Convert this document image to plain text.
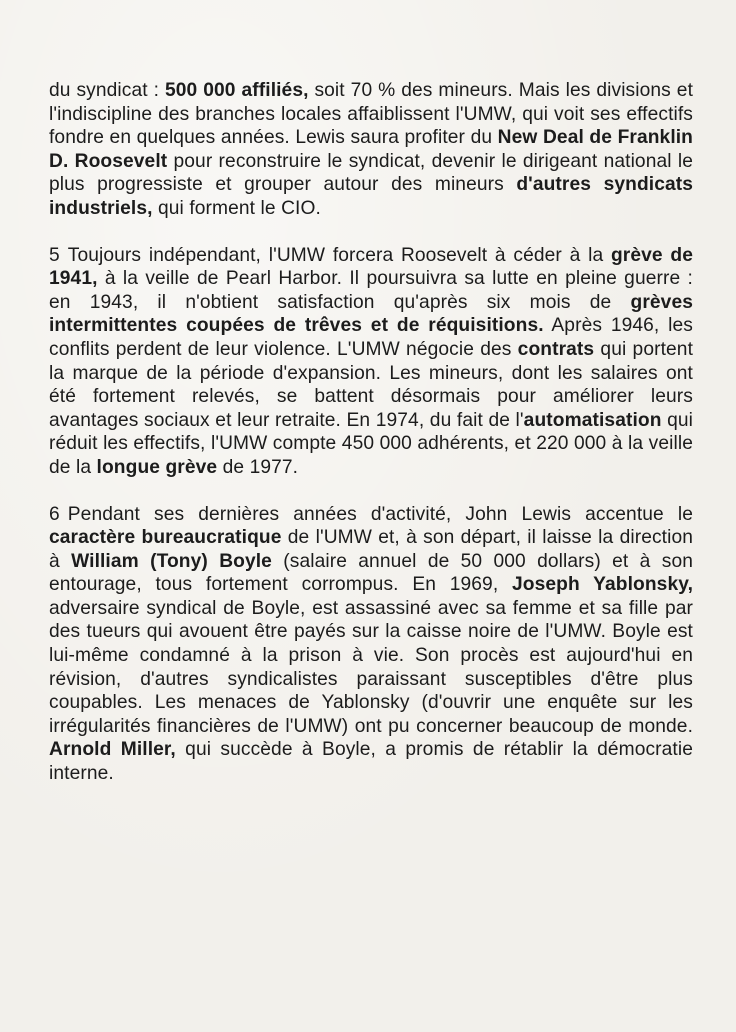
du syndicat : 500 000 affiliés, soit 70 % des mineurs. Mais les divisions et l'indiscipline des branches locales affaiblissent l'UMW, qui voit ses effectifs fondre en quelques années. Lewis saura profiter du New Deal de Franklin D. Roosevelt pour reconstruire le syndicat, devenir le dirigeant national le plus progressiste et grouper autour des mineurs d'autres syndicats industriels, qui forment le CIO.

5 Toujours indépendant, l'UMW forcera Roosevelt à céder à la grève de 1941, à la veille de Pearl Harbor. Il poursuivra sa lutte en pleine guerre : en 1943, il n'obtient satisfaction qu'après six mois de grèves intermittentes coupées de trêves et de réquisitions. Après 1946, les conflits perdent de leur violence. L'UMW négocie des contrats qui portent la marque de la période d'expansion. Les mineurs, dont les salaires ont été fortement relevés, se battent désormais pour améliorer leurs avantages sociaux et leur retraite. En 1974, du fait de l'automatisation qui réduit les effectifs, l'UMW compte 450 000 adhérents, et 220 000 à la veille de la longue grève de 1977.

6 Pendant ses dernières années d'activité, John Lewis accentue le caractère bureaucratique de l'UMW et, à son départ, il laisse la direction à William (Tony) Boyle (salaire annuel de 50 000 dollars) et à son entourage, tous fortement corrompus. En 1969, Joseph Yablonsky, adversaire syndical de Boyle, est assassiné avec sa femme et sa fille par des tueurs qui avouent être payés sur la caisse noire de l'UMW. Boyle est lui-même condamné à la prison à vie. Son procès est aujourd'hui en révision, d'autres syndicalistes paraissant susceptibles d'être plus coupables. Les menaces de Yablonsky (d'ouvrir une enquête sur les irrégularités financières de l'UMW) ont pu concerner beaucoup de monde. Arnold Miller, qui succède à Boyle, a promis de rétablir la démocratie interne.
